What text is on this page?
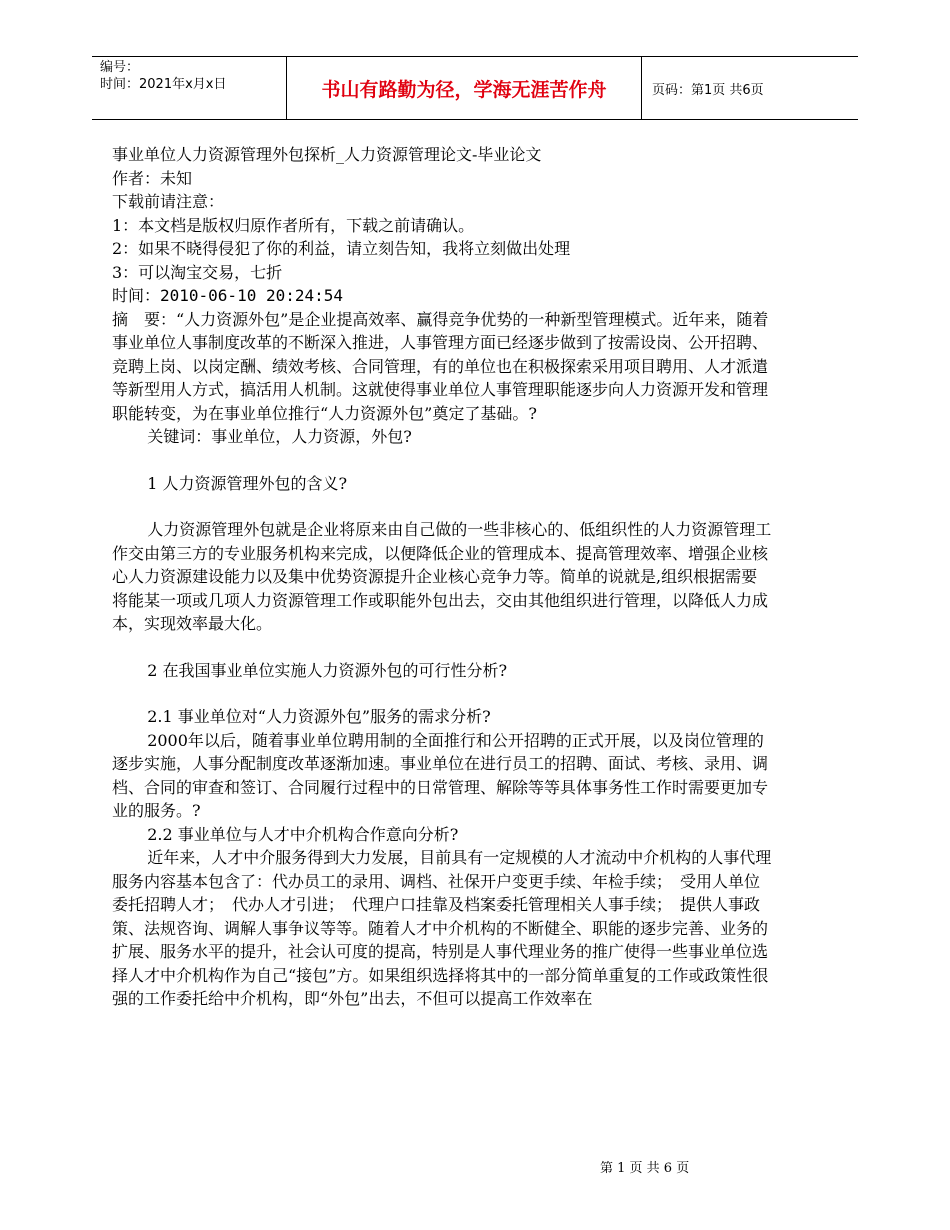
编号：
时间：2021年x月x日	书山有路勤为径，学海无涯苦作舟	页码：第1页 共6页

事业单位人力资源管理外包探析_人力资源管理论文-毕业论文

作者：未知

下载前请注意：

1：本文档是版权归原作者所有，下载之前请确认。

2：如果不晓得侵犯了你的利益，请立刻告知，我将立刻做出处理

3：可以淘宝交易，七折

时间：2010-06-10 20:24:54

摘　要：“人力资源外包”是企业提高效率、赢得竞争优势的一种新型管理模式。近年来，随着事业单位人事制度改革的不断深入推进，人事管理方面已经逐步做到了按需设岗、公开招聘、竞聘上岗、以岗定酬、绩效考核、合同管理，有的单位也在积极探索采用项目聘用、人才派遣等新型用人方式，搞活用人机制。这就使得事业单位人事管理职能逐步向人力资源开发和管理职能转变，为在事业单位推行“人力资源外包”奠定了基础。?

关键词：事业单位，人力资源，外包?

1 人力资源管理外包的含义?

人力资源管理外包就是企业将原来由自己做的一些非核心的、低组织性的人力资源管理工作交由第三方的专业服务机构来完成，以便降低企业的管理成本、提高管理效率、增强企业核心人力资源建设能力以及集中优势资源提升企业核心竞争力等。简单的说就是,组织根据需要将能某一项或几项人力资源管理工作或职能外包出去，交由其他组织进行管理，以降低人力成本，实现效率最大化。

2 在我国事业单位实施人力资源外包的可行性分析?

2.1 事业单位对“人力资源外包”服务的需求分析?

2000年以后，随着事业单位聘用制的全面推行和公开招聘的正式开展，以及岗位管理的逐步实施，人事分配制度改革逐渐加速。事业单位在进行员工的招聘、面试、考核、录用、调档、合同的审查和签订、合同履行过程中的日常管理、解除等等具体事务性工作时需要更加专业的服务。?

2.2 事业单位与人才中介机构合作意向分析?

近年来，人才中介服务得到大力发展，目前具有一定规模的人才流动中介机构的人事代理服务内容基本包含了：代办员工的录用、调档、社保开户变更手续、年检手续；　受用人单位委托招聘人才；　代办人才引进；　代理户口挂靠及档案委托管理相关人事手续；　提供人事政策、法规咨询、调解人事争议等等。随着人才中介机构的不断健全、职能的逐步完善、业务的扩展、服务水平的提升，社会认可度的提高，特别是人事代理业务的推广使得一些事业单位选择人才中介机构作为自己“接包”方。如果组织选择将其中的一部分简单重复的工作或政策性很强的工作委托给中介机构，即“外包”出去，不但可以提高工作效率在

第 1 页 共 6 页
